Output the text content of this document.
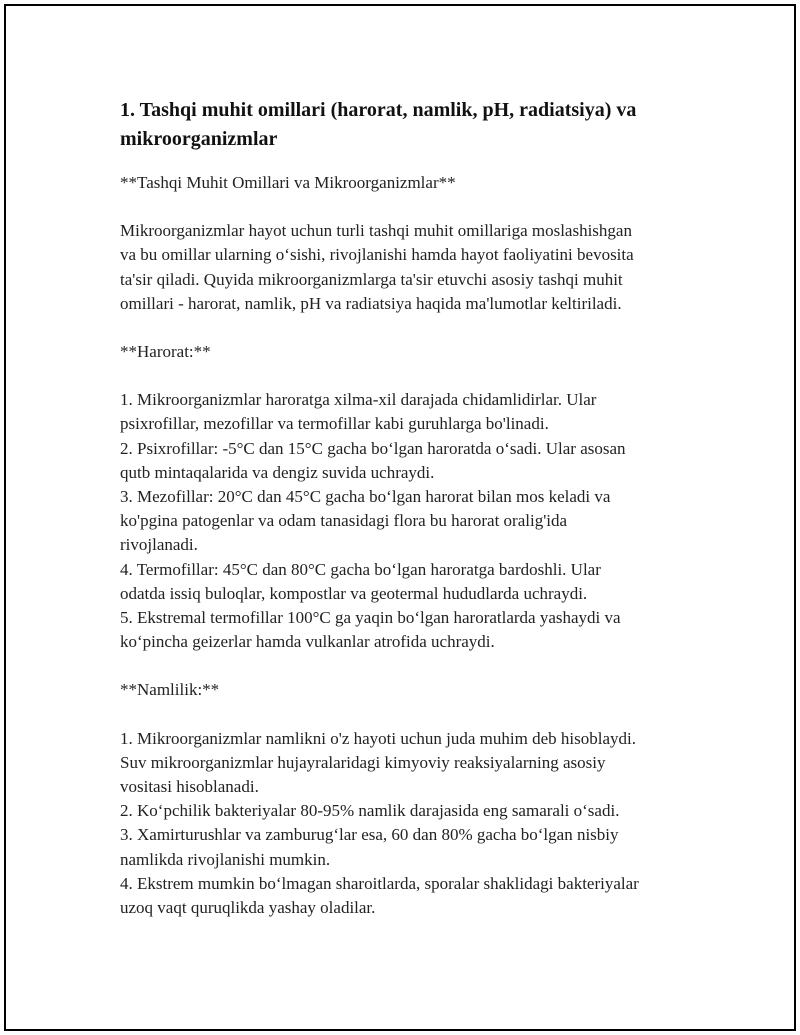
1. Tashqi muhit omillari (harorat, namlik, pH, radiatsiya) va mikroorganizmlar

**Tashqi Muhit Omillari va Mikroorganizmlar**

Mikroorganizmlar hayot uchun turli tashqi muhit omillariga moslashishgan
va bu omillar ularning o‘sishi, rivojlanishi hamda hayot faoliyatini bevosita
ta'sir qiladi. Quyida mikroorganizmlarga ta'sir etuvchi asosiy tashqi muhit
omillari - harorat, namlik, pH va radiatsiya haqida ma'lumotlar keltiriladi.

**Harorat:**

1. Mikroorganizmlar haroratga xilma-xil darajada chidamlidirlar. Ular
psixrofillar, mezofillar va termofillar kabi guruhlarga bo'linadi.

2. Psixrofillar: -5°C dan 15°C gacha bo‘lgan haroratda o‘sadi. Ular asosan
qutb mintaqalarida va dengiz suvida uchraydi.

3. Mezofillar: 20°C dan 45°C gacha bo‘lgan harorat bilan mos keladi va
ko'pgina patogenlar va odam tanasidagi flora bu harorat oralig'ida
rivojlanadi.

4. Termofillar: 45°C dan 80°C gacha bo‘lgan haroratga bardoshli. Ular
odatda issiq buloqlar, kompostlar va geotermal hududlarda uchraydi.

5. Ekstremal termofillar 100°C ga yaqin bo‘lgan haroratlarda yashaydi va
ko‘pincha geizerlar hamda vulkanlar atrofida uchraydi.

**Namlilik:**

1. Mikroorganizmlar namlikni o'z hayoti uchun juda muhim deb hisoblaydi.
Suv mikroorganizmlar hujayralaridagi kimyoviy reaksiyalarning asosiy
vositasi hisoblanadi.

2. Ko‘pchilik bakteriyalar 80-95% namlik darajasida eng samarali o‘sadi.

3. Xamirturushlar va zamburug‘lar esa, 60 dan 80% gacha bo‘lgan nisbiy
namlikda rivojlanishi mumkin.

4. Ekstrem mumkin bo‘lmagan sharoitlarda, sporalar shaklidagi bakteriyalar
uzoq vaqt quruqlikda yashay oladilar.
